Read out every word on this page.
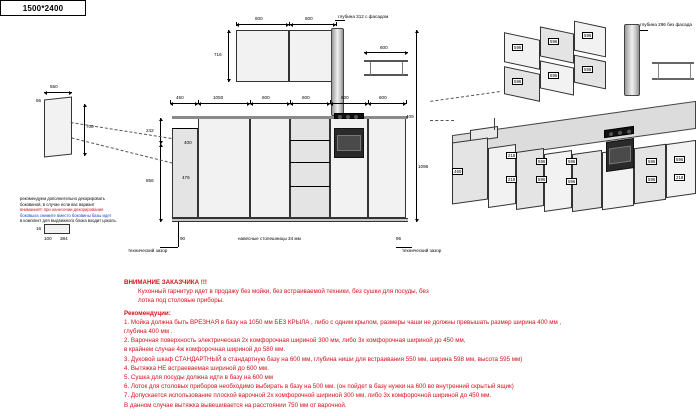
1500*2400
600	600	глубина 312 с фасадом
600
716
450	1050	600	600	600	600
242
856
400
476
90
1096
409
96
технический зазор	технический зазор
навесные столешницы 34 мм
550
56
700
рекомендуем дополнительно декорировать
боковиной, в случае если вас вариант
внимание!!! при нанесении декорирования
боковыха снимите вместо боковины базы идет
в комплект для выдвижного блока входит цоколь.
16
100 384
глубина 296 без фасада
596
596
596
596
596
596
460
218
218
596
596
596
596
596
596
596
218
ВНИМАНИЕ ЗАКАЗЧИКА !!!
Кухонный гарнитур идет в продажу без мойки, без встраиваемой техники, без сушки для посуды, без
лотка под столовые приборы.
Рекомендуции:
1. Мойка должна быть ВРЕЗНАЯ в базу на 1050 мм БЕЗ КРЫЛА , либо с одним крылом, размеры чаши не должны превышать размер ширина 400 мм ,
глубина 400 мм .
2. Варочная поверхность электрическая 2х комфорочная шириной 300 мм, либо 3х комфорочная шириной до 450 мм,
в крайнем случае 4ж комфорочная шириной до 580 мм.
3. Духовой шкаф СТАНДАРТНЫЙ в стандартную базу на 600 мм, глубина ниши для встраивания 550 мм, ширина 598 мм, высота 595 мм)
4. Вытяжка НЕ встраеваемая шириной до 600 мм.
5. Сушка для посуды должна идти в базу на 600 мм
6. Лоток для столовых приборов необходимо выбирать в базу на 500 мм. (он пойдет в базу нужки на 600 во внутренний скрытый ящик)
7. Допускается использование плоской варочной 2х комфорочной шириной 300 мм, либо 3х комфорочной шириной до 450 мм.
В данном случае вытяжка вывешивается на расстоянии 750 мм от варочной.
